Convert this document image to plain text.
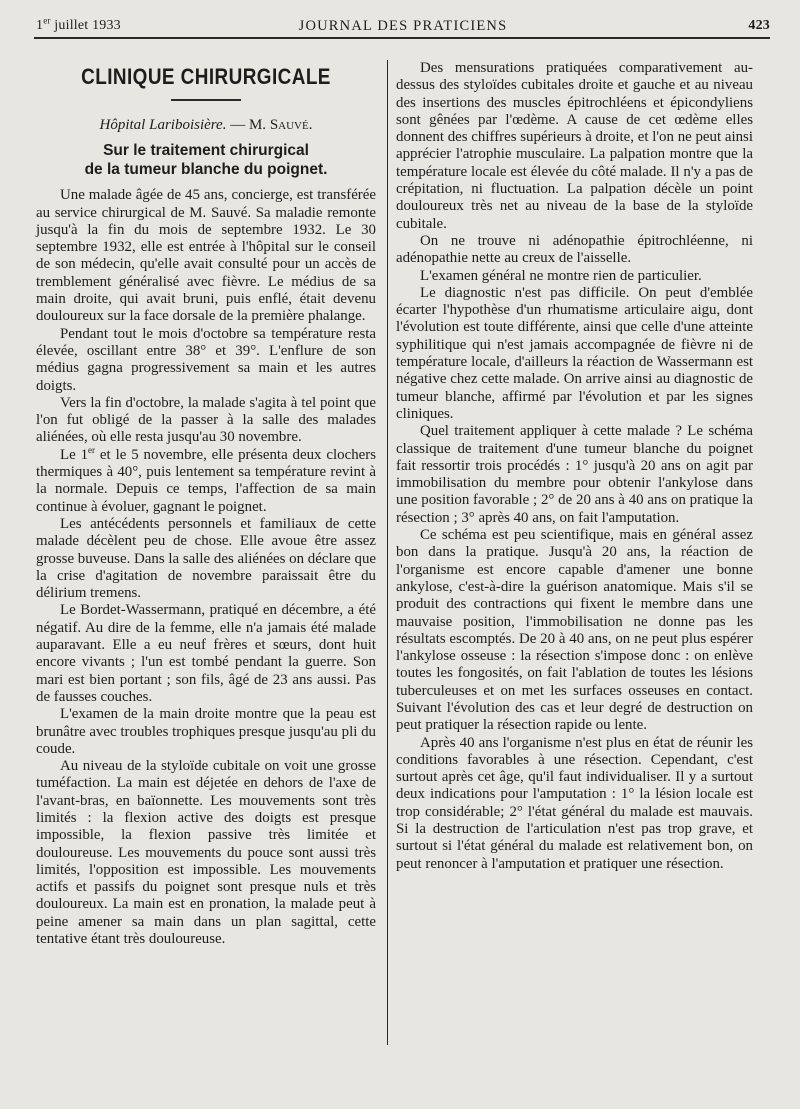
1er juillet 1933	JOURNAL DES PRATICIENS	423
CLINIQUE CHIRURGICALE
Hôpital Lariboisière. — M. Sauvé.
Sur le traitement chirurgical
de la tumeur blanche du poignet.

Une malade âgée de 45 ans, concierge, est transférée au service chirurgical de M. Sauvé. Sa maladie remonte jusqu'à la fin du mois de septembre 1932. Le 30 septembre 1932, elle est entrée à l'hôpital sur le conseil de son médecin, qu'elle avait consulté pour un accès de tremblement généralisé avec fièvre. Le médius de sa main droite, qui avait bruni, puis enflé, était devenu douloureux sur la face dorsale de la première phalange.

Pendant tout le mois d'octobre sa température resta élevée, oscillant entre 38° et 39°. L'enflure de son médius gagna progressivement sa main et les autres doigts.

Vers la fin d'octobre, la malade s'agita à tel point que l'on fut obligé de la passer à la salle des malades aliénées, où elle resta jusqu'au 30 novembre.

Le 1er et le 5 novembre, elle présenta deux clochers thermiques à 40°, puis lentement sa température revint à la normale. Depuis ce temps, l'affection de sa main continue à évoluer, gagnant le poignet.

Les antécédents personnels et familiaux de cette malade décèlent peu de chose. Elle avoue être assez grosse buveuse. Dans la salle des aliénées on déclare que la crise d'agitation de novembre paraissait être du délirium tremens.

Le Bordet-Wassermann, pratiqué en décembre, a été négatif. Au dire de la femme, elle n'a jamais été malade auparavant. Elle a eu neuf frères et sœurs, dont huit encore vivants ; l'un est tombé pendant la guerre. Son mari est bien portant ; son fils, âgé de 23 ans aussi. Pas de fausses couches.

L'examen de la main droite montre que la peau est brunâtre avec troubles trophiques presque jusqu'au pli du coude.

Au niveau de la styloïde cubitale on voit une grosse tuméfaction. La main est déjetée en dehors de l'axe de l'avant-bras, en baïonnette. Les mouvements sont très limités : la flexion active des doigts est presque impossible, la flexion passive très limitée et douloureuse. Les mouvements du pouce sont aussi très limités, l'opposition est impossible. Les mouvements actifs et passifs du poignet sont presque nuls et très douloureux. La main est en pronation, la malade peut à peine amener sa main dans un plan sagittal, cette tentative étant très douloureuse.

Des mensurations pratiquées comparativement au-dessus des styloïdes cubitales droite et gauche et au niveau des insertions des muscles épitrochléens et épicondyliens sont gênées par l'œdème. A cause de cet œdème elles donnent des chiffres supérieurs à droite, et l'on ne peut ainsi apprécier l'atrophie musculaire. La palpation montre que la température locale est élevée du côté malade. Il n'y a pas de crépitation, ni fluctuation. La palpation décèle un point douloureux très net au niveau de la base de la styloïde cubitale.

On ne trouve ni adénopathie épitrochléenne, ni adénopathie nette au creux de l'aisselle.

L'examen général ne montre rien de particulier.

Le diagnostic n'est pas difficile. On peut d'emblée écarter l'hypothèse d'un rhumatisme articulaire aigu, dont l'évolution est toute différente, ainsi que celle d'une atteinte syphilitique qui n'est jamais accompagnée de fièvre ni de température locale, d'ailleurs la réaction de Wassermann est négative chez cette malade. On arrive ainsi au diagnostic de tumeur blanche, affirmé par l'évolution et par les signes cliniques.

Quel traitement appliquer à cette malade ? Le schéma classique de traitement d'une tumeur blanche du poignet fait ressortir trois procédés : 1° jusqu'à 20 ans on agit par immobilisation du membre pour obtenir l'ankylose dans une position favorable ; 2° de 20 ans à 40 ans on pratique la résection ; 3° après 40 ans, on fait l'amputation.

Ce schéma est peu scientifique, mais en général assez bon dans la pratique. Jusqu'à 20 ans, la réaction de l'organisme est encore capable d'amener une bonne ankylose, c'est-à-dire la guérison anatomique. Mais s'il se produit des contractions qui fixent le membre dans une mauvaise position, l'immobilisation ne donne pas les résultats escomptés. De 20 à 40 ans, on ne peut plus espérer l'ankylose osseuse : la résection s'impose donc : on enlève toutes les fongosités, on fait l'ablation de toutes les lésions tuberculeuses et on met les surfaces osseuses en contact. Suivant l'évolution des cas et leur degré de destruction on peut pratiquer la résection rapide ou lente.

Après 40 ans l'organisme n'est plus en état de réunir les conditions favorables à une résection. Cependant, c'est surtout après cet âge, qu'il faut individualiser. Il y a surtout deux indications pour l'amputation : 1° la lésion locale est trop considérable; 2° l'état général du malade est mauvais. Si la destruction de l'articulation n'est pas trop grave, et surtout si l'état général du malade est relativement bon, on peut renoncer à l'amputation et pratiquer une résection.
